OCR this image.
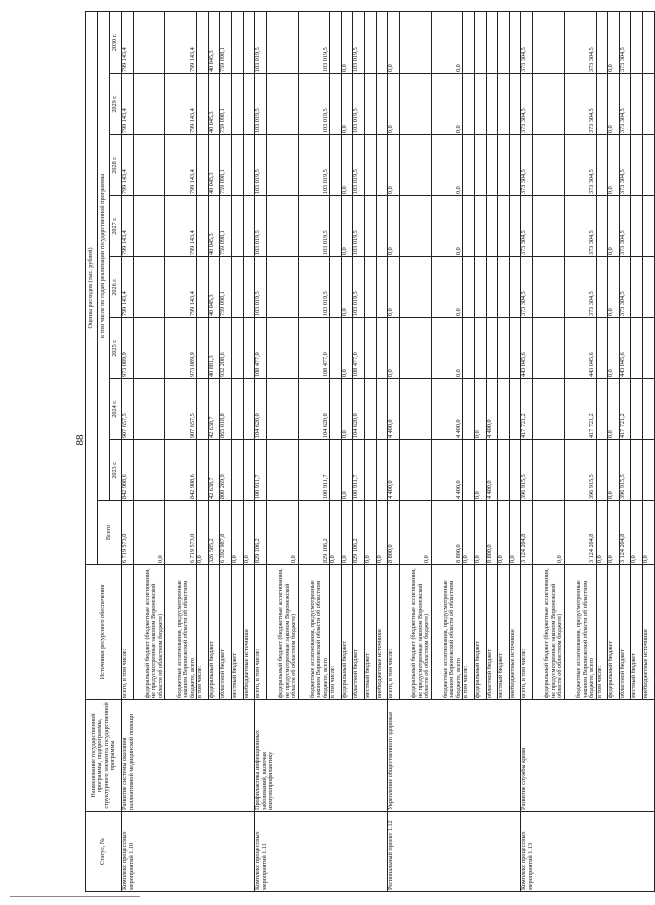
88
Статус, №	Наименование государственной программы, подпрограммы, структурного элемента государственной программы	Источники ресурсного обеспечения	Оценка расходов (тыс. рублей)								
			Всего	в том числе по годам реализации государственной программы							
				2023 г.	2024 г.	2025 г.	2026 г.	2027 г.	2028 г.	2029 г.	2030 г.
Комплекс процессных мероприятий 1.10	Развитие системы оказания паллиативной медицинской помощи	всего, в том числе:	6 719 573,0	842 908,6	907 657,5	973 089,9	799 143,4	799 143,4	799 143,4	799 143,4	799 143,4
		федеральный бюджет (бюджетные ассигнования, не предусмотренные законом Воронежской области об областном бюджете)	0,0								
		бюджетные ассигнования, предусмотренные законом Воронежской области об областном бюджете, всего	6 719 573,0	842 908,6	907 657,5	973 089,9	799 143,4	799 143,4	799 143,4	799 143,4	799 143,4
		в том числе:	0,0								
		федеральный бюджет	326 585,2	42 638,7	42 638,7	40 881,3	40 045,3	40 045,3	40 045,3	40 045,3	40 045,3
		областной бюджет	6 392 987,8	800 269,9	865 018,8	932 208,6	759 098,1	759 098,1	759 098,1	759 098,1	759 098,1
		местный бюджет	0,0								
		внебюджетные источники	0,0								
Комплекс процессных мероприятий 1.11	Профилактика инфекционных заболеваний, включая иммунопрофилактику	всего, в том числе:	829 106,2	100 911,7	104 620,0	108 477,0	103 019,5	103 019,5	103 019,5	103 019,5	103 019,5
		федеральный бюджет (бюджетные ассигнования, не предусмотренные законом Воронежской области об областном бюджете)	0,0								
		бюджетные ассигнования, предусмотренные законом Воронежской области об областном бюджете, всего	829 106,2	100 911,7	104 620,0	108 477,0	103 019,5	103 019,5	103 019,5	103 019,5	103 019,5
		в том числе:	0,0								
		федеральный бюджет	0,0	0,0	0,0	0,0	0,0	0,0	0,0	0,0	0,0
		областной бюджет	829 106,2	100 911,7	104 620,0	108 477,0	103 019,5	103 019,5	103 019,5	103 019,5	103 019,5
		местный бюджет	0,0								
		внебюджетные источники	0,0								
Региональный проект 1.12	Укрепление общественного здоровья	всего, в том числе:	8 800,0	4 400,0	4 400,0	0,0	0,0	0,0	0,0	0,0	0,0
		федеральный бюджет (бюджетные ассигнования, не предусмотренные законом Воронежской области об областном бюджете)	0,0								
		бюджетные ассигнования, предусмотренные законом Воронежской области об областном бюджете, всего	8 800,0	4 400,0	4 400,0	0,0	0,0	0,0	0,0	0,0	0,0
		в том числе:	0,0								
		федеральный бюджет	0,0	0,0	0,0						
		областной бюджет	8 800,0	4 400,0	4 400,0						
		местный бюджет	0,0								
		внебюджетные источники	0,0								
Комплекс процессных мероприятий 1.13	Развитие службы крови	всего, в том числе:	3 124 204,8	396 915,5	417 721,2	443 045,6	373 304,5	373 304,5	373 304,5	373 304,5	373 304,5
		федеральный бюджет (бюджетные ассигнования, не предусмотренные законом Воронежской области об областном бюджете)	0,0								
		бюджетные ассигнования, предусмотренные законом Воронежской области об областном бюджете, всего	3 124 204,8	396 915,5	417 721,2	443 045,6	373 304,5	373 304,5	373 304,5	373 304,5	373 304,5
		в том числе:	0,0								
		федеральный бюджет	0,0	0,0	0,0	0,0	0,0	0,0	0,0	0,0	0,0
		областной бюджет	3 124 204,8	396 915,5	417 721,2	443 045,6	373 304,5	373 304,5	373 304,5	373 304,5	373 304,5
		местный бюджет	0,0								
		внебюджетные источники	0,0								
